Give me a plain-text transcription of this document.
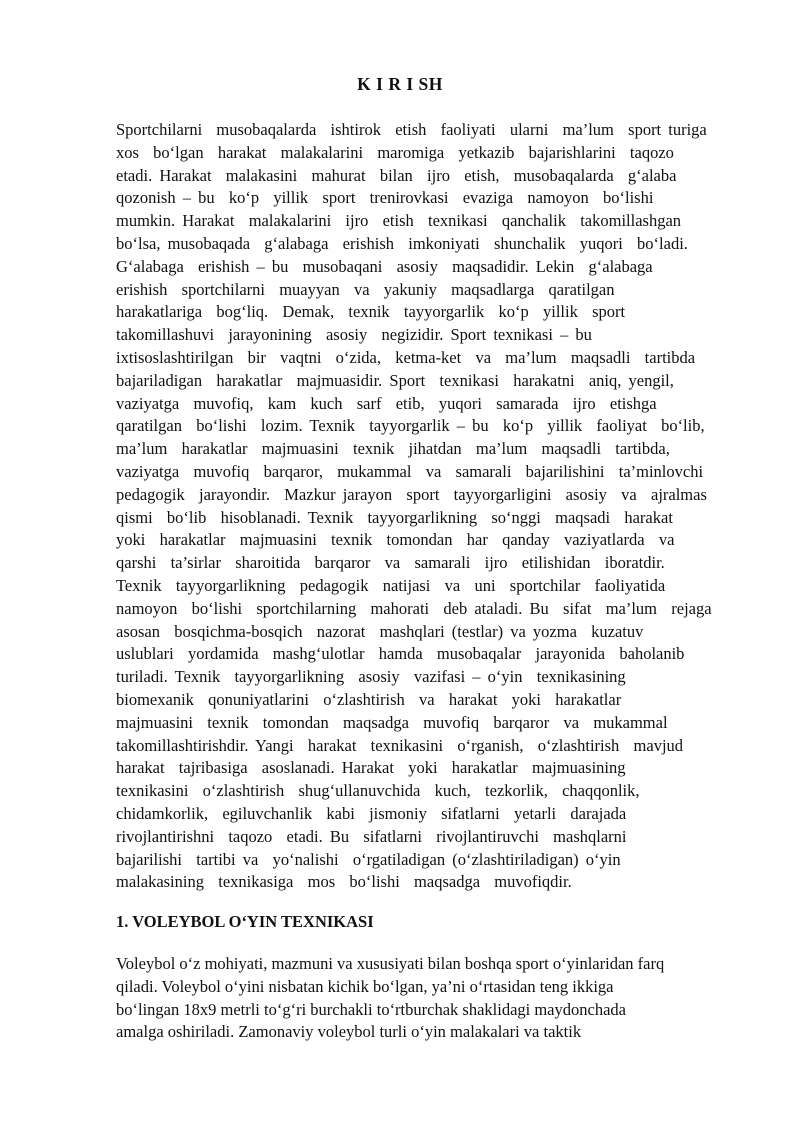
K I R I SH
Sportchilarni  musobaqalarda  ishtirok  etish  faoliyati  ularni  ma’lum  sport turiga
xos  bo‘lgan  harakat  malakalarini  maromiga  yetkazib  bajarishlarini  taqozo
etadi. Harakat  malakasini  mahurat  bilan  ijro  etish,  musobaqalarda  g‘alaba
qozonish – bu  ko‘p  yillik  sport  trenirovkasi  evaziga  namoyon  bo‘lishi
mumkin. Harakat  malakalarini  ijro  etish  texnikasi  qanchalik  takomillashgan
bo‘lsa, musobaqada  g‘alabaga  erishish  imkoniyati  shunchalik  yuqori  bo‘ladi.
G‘alabaga  erishish – bu  musobaqani  asosiy  maqsadidir. Lekin  g‘alabaga
erishish  sportchilarni  muayyan  va  yakuniy  maqsadlarga  qaratilgan
harakatlariga  bog‘liq.  Demak,  texnik  tayyorgarlik  ko‘p  yillik  sport
takomillashuvi  jarayonining  asosiy  negizidir. Sport texnikasi – bu
ixtisoslashtirilgan  bir  vaqtni  o‘zida,  ketma-ket  va  ma’lum  maqsadli  tartibda
bajariladigan  harakatlar  majmuasidir. Sport  texnikasi  harakatni  aniq, yengil,
vaziyatga  muvofiq,  kam  kuch  sarf  etib,  yuqori  samarada  ijro  etishga
qaratilgan  bo‘lishi  lozim. Texnik  tayyorgarlik – bu  ko‘p  yillik  faoliyat  bo‘lib,
ma’lum  harakatlar  majmuasini  texnik  jihatdan  ma’lum  maqsadli  tartibda,
vaziyatga  muvofiq  barqaror,  mukammal  va  samarali  bajarilishini  ta’minlovchi
pedagogik  jarayondir.  Mazkur jarayon  sport  tayyorgarligini  asosiy  va  ajralmas
qismi  bo‘lib  hisoblanadi. Texnik  tayyorgarlikning  so‘nggi  maqsadi  harakat
yoki  harakatlar  majmuasini  texnik  tomondan  har  qanday  vaziyatlarda  va
qarshi  ta’sirlar  sharoitida  barqaror  va  samarali  ijro  etilishidan  iboratdir.
Texnik  tayyorgarlikning  pedagogik  natijasi  va  uni  sportchilar  faoliyatida
namoyon  bo‘lishi  sportchilarning  mahorati  deb ataladi. Bu  sifat  ma’lum  rejaga
asosan  bosqichma-bosqich  nazorat  mashqlari (testlar) va yozma  kuzatuv
uslublari  yordamida  mashg‘ulotlar  hamda  musobaqalar  jarayonida  baholanib
turiladi. Texnik  tayyorgarlikning  asosiy  vazifasi – o‘yin  texnikasining
biomexanik  qonuniyatlarini  o‘zlashtirish  va  harakat  yoki  harakatlar
majmuasini  texnik  tomondan  maqsadga  muvofiq  barqaror  va  mukammal
takomillashtirishdir. Yangi  harakat  texnikasini  o‘rganish,  o‘zlashtirish  mavjud
harakat  tajribasiga  asoslanadi. Harakat  yoki  harakatlar  majmuasining
texnikasini  o‘zlashtirish  shug‘ullanuvchida  kuch,  tezkorlik,  chaqqonlik,
chidamkorlik,  egiluvchanlik  kabi  jismoniy  sifatlarni  yetarli  darajada
rivojlantirishni  taqozo  etadi. Bu  sifatlarni  rivojlantiruvchi  mashqlarni
bajarilishi  tartibi va  yo‘nalishi  o‘rgatiladigan (o‘zlashtiriladigan) o‘yin
malakasining  texnikasiga  mos  bo‘lishi  maqsadga  muvofiqdir.
1. VOLEYBOL O‘YIN TEXNIKASI
Voleybol o‘z mohiyati, mazmuni va xususiyati bilan boshqa sport o‘yinlaridan farq
qiladi. Voleybol o‘yini nisbatan kichik bo‘lgan, ya’ni o‘rtasidan teng ikkiga
bo‘lingan 18x9 metrli to‘g‘ri burchakli to‘rtburchak shaklidagi maydonchada
amalga oshiriladi. Zamonaviy voleybol turli o‘yin malakalari va taktik
